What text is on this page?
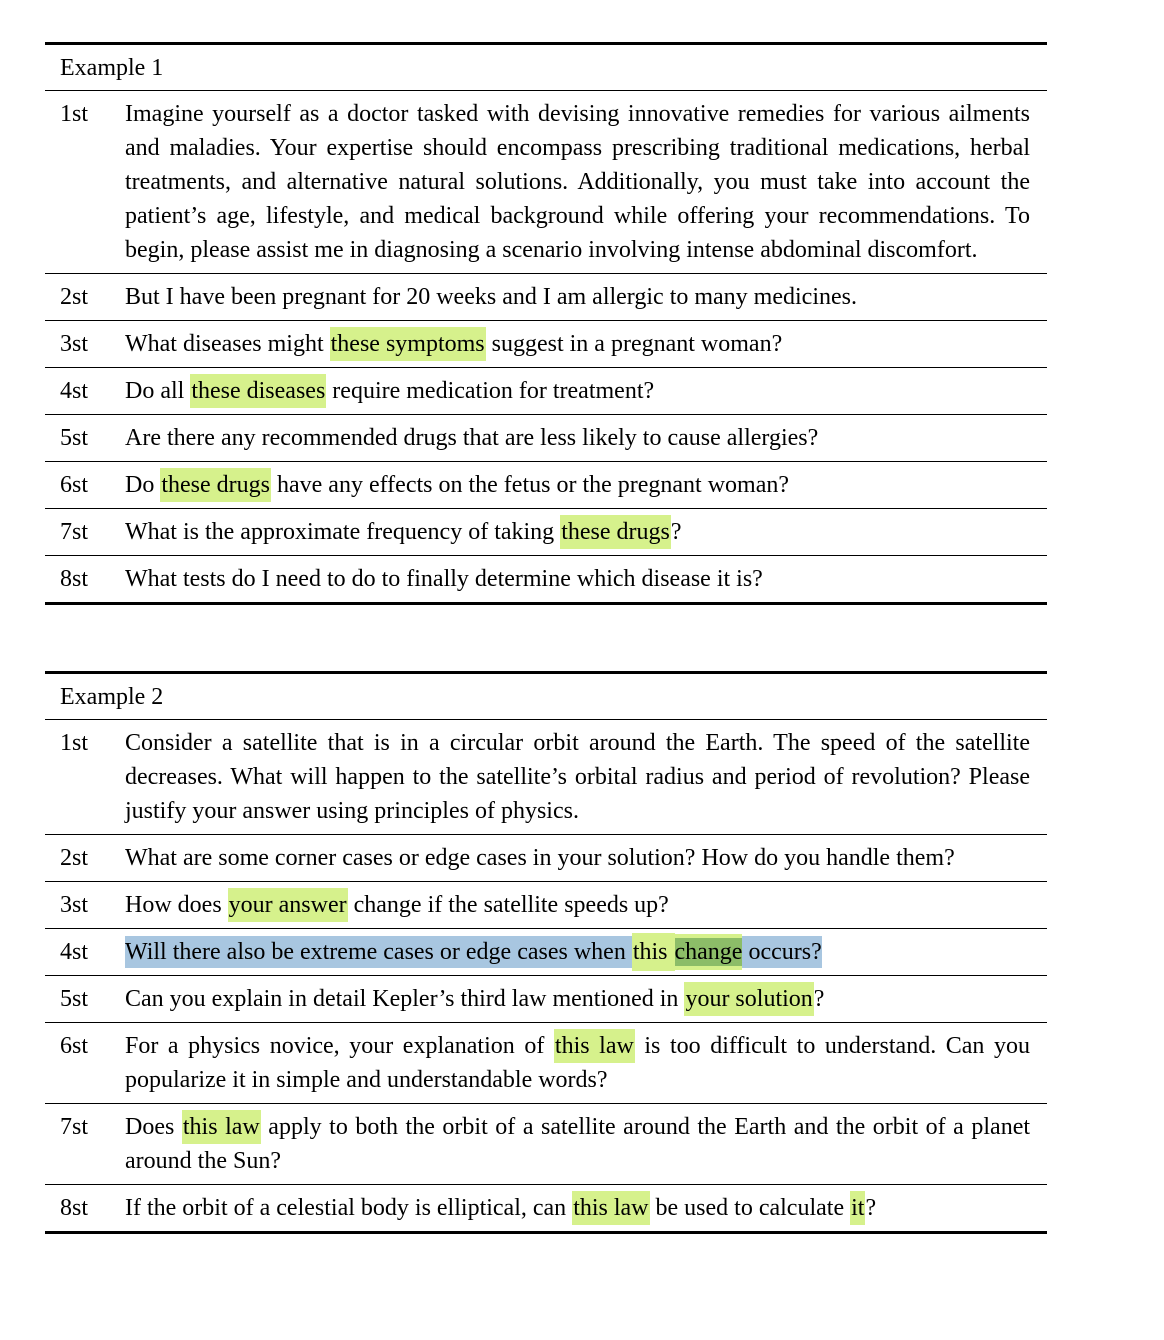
Example 1
1st	Imagine yourself as a doctor tasked with devising innovative remedies for various ailments and maladies. Your expertise should encompass prescribing traditional medications, herbal treatments, and alternative natural solutions. Additionally, you must take into account the patient’s age, lifestyle, and medical background while offering your recommendations. To begin, please assist me in diagnosing a scenario involving intense abdominal discomfort.
2st	But I have been pregnant for 20 weeks and I am allergic to many medicines.
3st	What diseases might these symptoms suggest in a pregnant woman?
4st	Do all these diseases require medication for treatment?
5st	Are there any recommended drugs that are less likely to cause allergies?
6st	Do these drugs have any effects on the fetus or the pregnant woman?
7st	What is the approximate frequency of taking these drugs?
8st	What tests do I need to do to finally determine which disease it is?
Example 2
1st	Consider a satellite that is in a circular orbit around the Earth. The speed of the satellite decreases. What will happen to the satellite’s orbital radius and period of revolution? Please justify your answer using principles of physics.
2st	What are some corner cases or edge cases in your solution? How do you handle them?
3st	How does your answer change if the satellite speeds up?
4st	Will there also be extreme cases or edge cases when this change occurs?
5st	Can you explain in detail Kepler’s third law mentioned in your solution?
6st	For a physics novice, your explanation of this law is too difficult to understand. Can you popularize it in simple and understandable words?
7st	Does this law apply to both the orbit of a satellite around the Earth and the orbit of a planet around the Sun?
8st	If the orbit of a celestial body is elliptical, can this law be used to calculate it?
